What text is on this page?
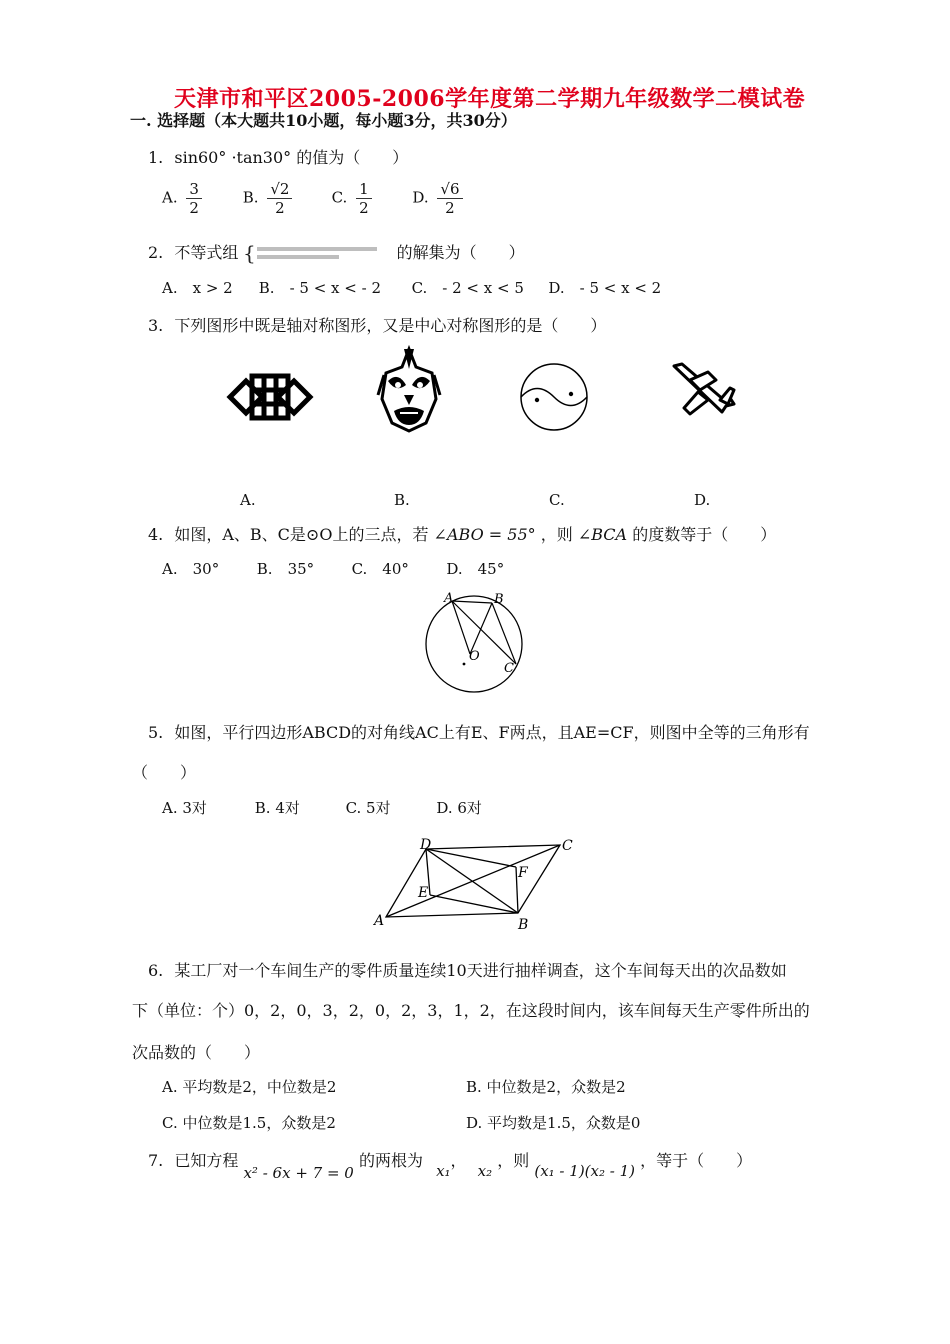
天津市和平区2005-2006学年度第二学期九年级数学二模试卷
一. 选择题（本大题共10小题，每小题3分，共30分）
1. sin60° ·tan30° 的值为（　　）
A. $\frac{3}{2}$	B. $\frac{√2}{2}$	C. $\frac{1}{2}$	D. $\frac{√6}{2}$
2. 不等式组 {	的解集为（　　）
A.　x > 2 B.　- 5 < x < - 2 C.　- 2 < x < 5 D.　- 5 < x < 2
3. 下列图形中既是轴对称图形，又是中心对称图形的是（　　）
A.	B.	C.	D.
4. 如图，A、B、C是⊙O上的三点，若 ∠ABO = 55° ，则 ∠BCA 的度数等于（　　）
A.　30°	B.　35° C.　40° D.　45°
A	B
O
C
5. 如图，平行四边形ABCD的对角线AC上有E、F两点，且AE=CF，则图中全等的三角形有
（　　）
A. 3对	B. 4对	C. 5对	D. 6对
D	C
F
E
A	B
6. 某工厂对一个车间生产的零件质量连续10天进行抽样调查，这个车间每天出的次品数如
下（单位：个）0，2，0，3，2，0，2，3，1，2，在这段时间内，该车间每天生产零件所出的
次品数的（　　）
A. 平均数是2，中位数是2	B. 中位数是2，众数是2
C. 中位数是1.5，众数是2	D. 平均数是1.5，众数是0
7. 已知方程 x² - 6x + 7 = 0 的两根为 x₁， x₂ ，则 (x₁ - 1)(x₂ - 1) ，等于（　　）
